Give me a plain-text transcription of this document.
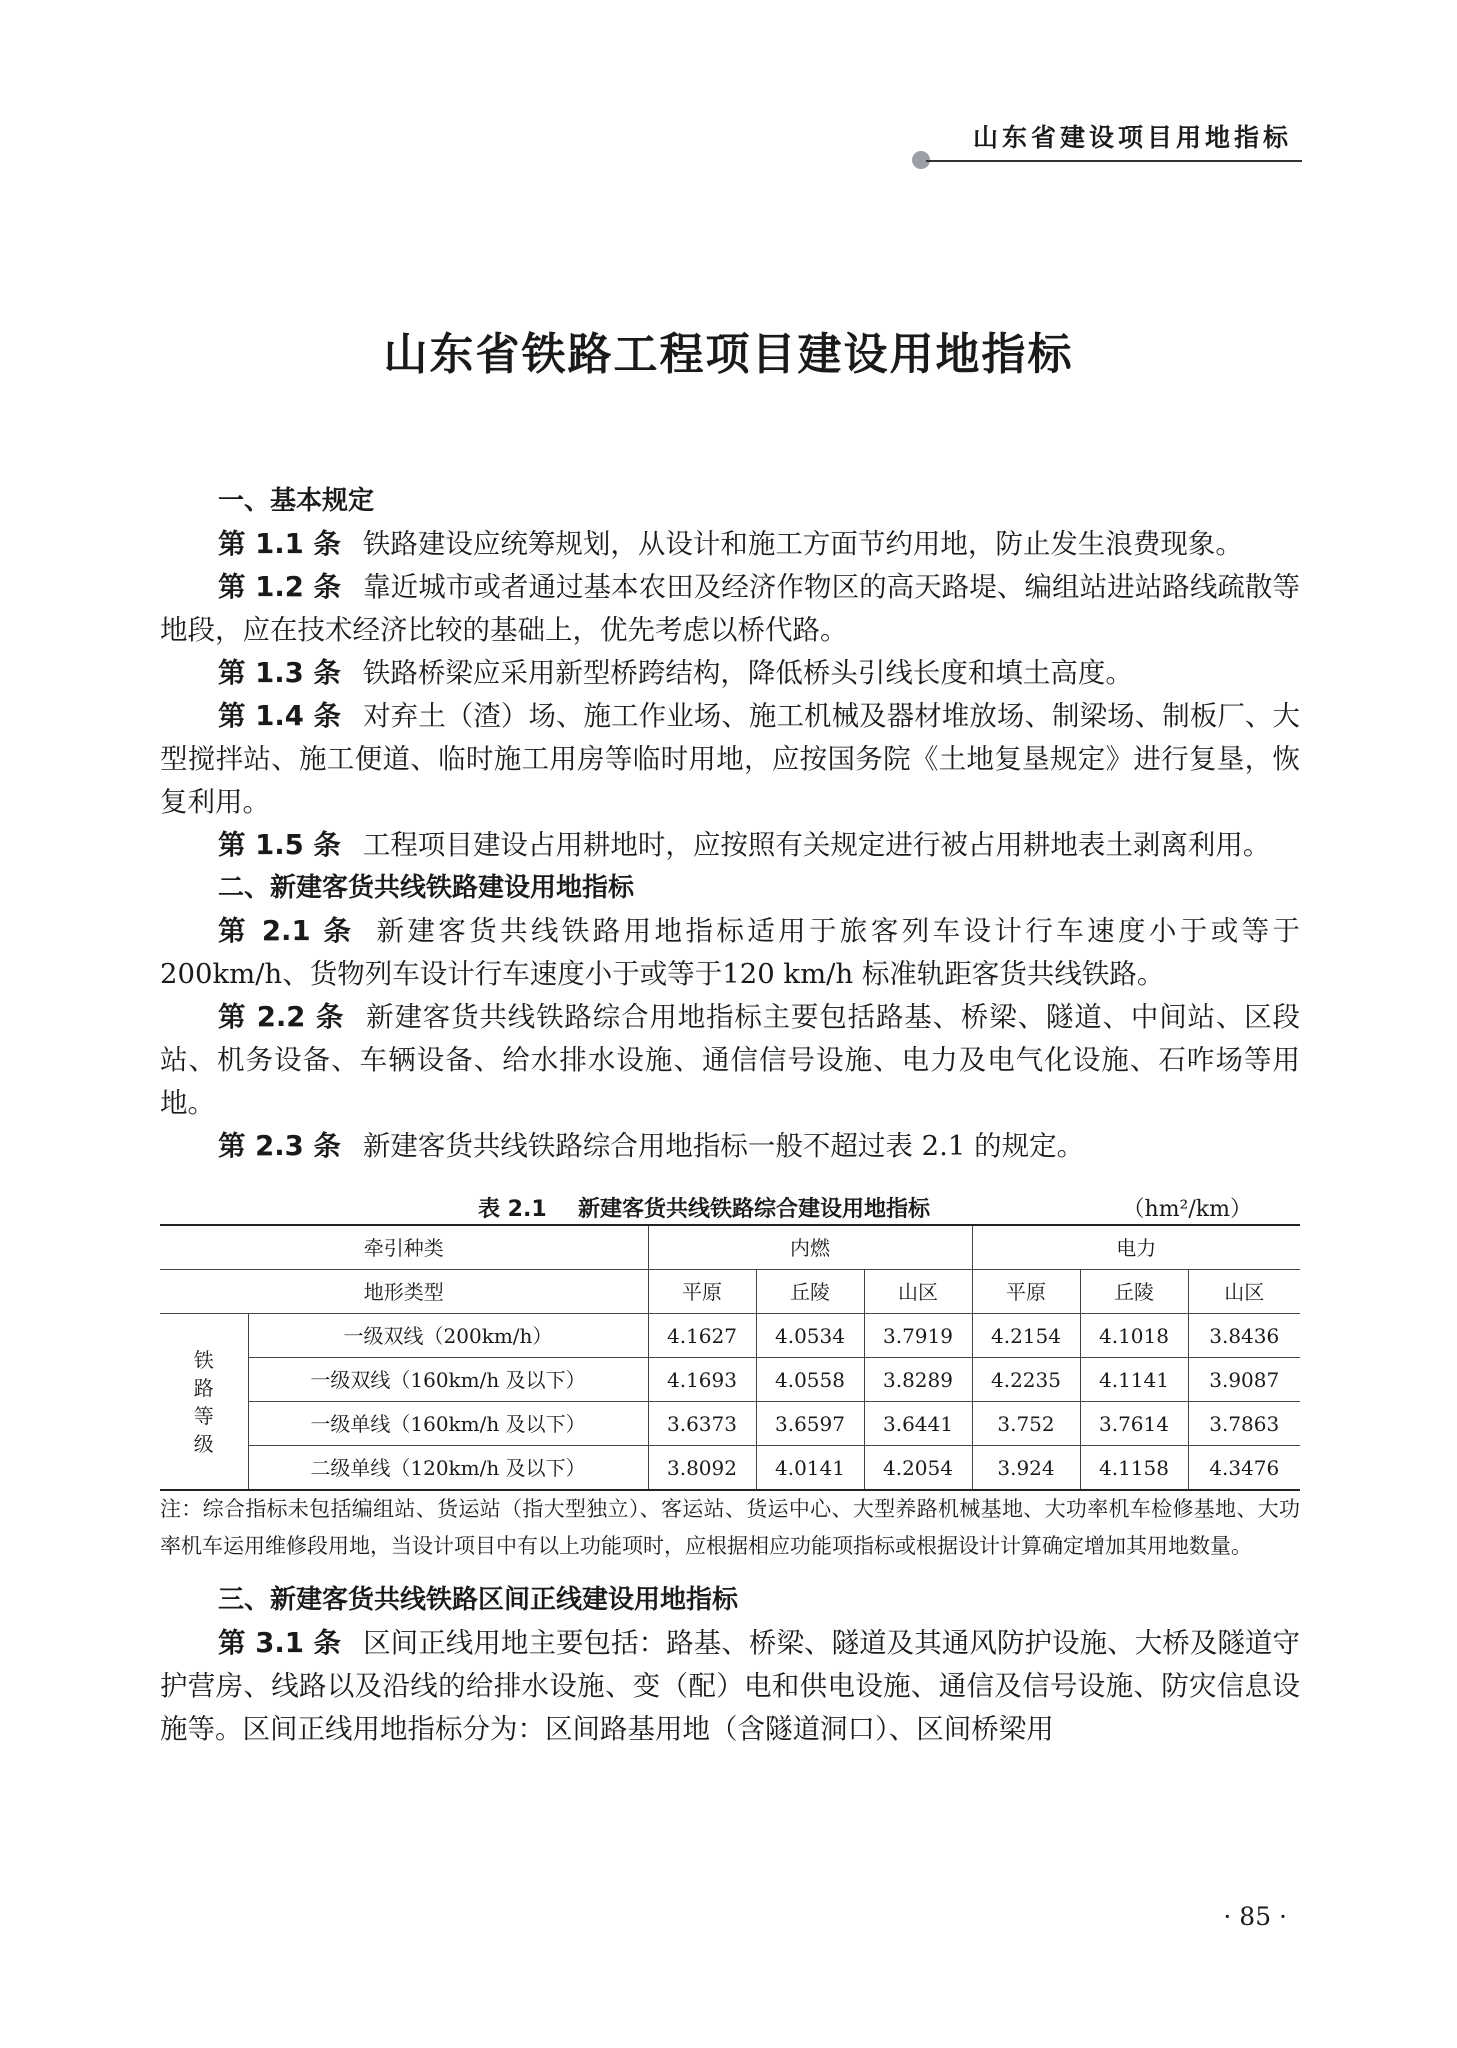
山东省建设项目用地指标
山东省铁路工程项目建设用地指标

一、基本规定

第 1.1 条 铁路建设应统筹规划，从设计和施工方面节约用地，防止发生浪费现象。

第 1.2 条 靠近城市或者通过基本农田及经济作物区的高天路堤、编组站进站路线疏散等地段，应在技术经济比较的基础上，优先考虑以桥代路。

第 1.3 条 铁路桥梁应采用新型桥跨结构，降低桥头引线长度和填土高度。

第 1.4 条 对弃土（渣）场、施工作业场、施工机械及器材堆放场、制梁场、制板厂、大型搅拌站、施工便道、临时施工用房等临时用地，应按国务院《土地复垦规定》进行复垦，恢复利用。

第 1.5 条 工程项目建设占用耕地时，应按照有关规定进行被占用耕地表土剥离利用。

二、新建客货共线铁路建设用地指标

第 2.1 条 新建客货共线铁路用地指标适用于旅客列车设计行车速度小于或等于200km/h、货物列车设计行车速度小于或等于120 km/h 标准轨距客货共线铁路。

第 2.2 条 新建客货共线铁路综合用地指标主要包括路基、桥梁、隧道、中间站、区段站、机务设备、车辆设备、给水排水设施、通信信号设施、电力及电气化设施、石咋场等用地。

第 2.3 条 新建客货共线铁路综合用地指标一般不超过表 2.1 的规定。

表 2.1 新建客货共线铁路综合建设用地指标	（hm²/km）
牵引种类		内燃			电力		
地形类型		平原	丘陵	山区	平原	丘陵	山区

铁路等级	一级双线（200km/h）	4.1627	4.0534	3.7919	4.2154	4.1018	3.8436
	一级双线（160km/h 及以下）	4.1693	4.0558	3.8289	4.2235	4.1141	3.9087
	一级单线（160km/h 及以下）	3.6373	3.6597	3.6441	3.752	3.7614	3.7863
	二级单线（120km/h 及以下）	3.8092	4.0141	4.2054	3.924	4.1158	4.3476

注：综合指标未包括编组站、货运站（指大型独立）、客运站、货运中心、大型养路机械基地、大功率机车检修基地、大功率机车运用维修段用地，当设计项目中有以上功能项时，应根据相应功能项指标或根据设计计算确定增加其用地数量。

三、新建客货共线铁路区间正线建设用地指标

第 3.1 条 区间正线用地主要包括：路基、桥梁、隧道及其通风防护设施、大桥及隧道守护营房、线路以及沿线的给排水设施、变（配）电和供电设施、通信及信号设施、防灾信息设施等。区间正线用地指标分为：区间路基用地（含隧道洞口）、区间桥梁用

· 85 ·
